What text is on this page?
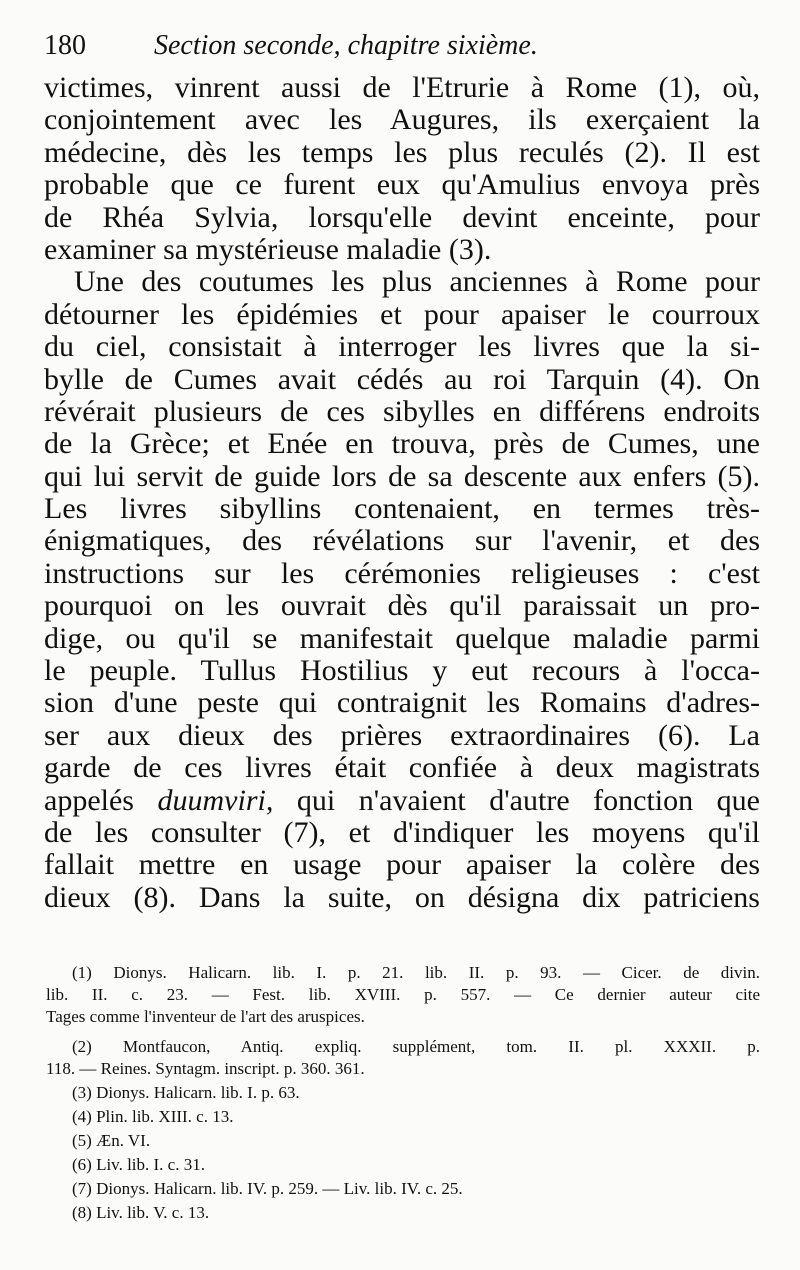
180 Section seconde, chapitre sixième.
victimes, vinrent aussi de l'Etrurie à Rome (1), où,
conjointement avec les Augures, ils exerçaient la
médecine, dès les temps les plus reculés (2). Il est
probable que ce furent eux qu'Amulius envoya près
de Rhéa Sylvia, lorsqu'elle devint enceinte, pour
examiner sa mystérieuse maladie (3).
Une des coutumes les plus anciennes à Rome pour
détourner les épidémies et pour apaiser le courroux
du ciel, consistait à interroger les livres que la si-
bylle de Cumes avait cédés au roi Tarquin (4). On
révérait plusieurs de ces sibylles en différens endroits
de la Grèce; et Enée en trouva, près de Cumes, une
qui lui servit de guide lors de sa descente aux enfers (5).
Les livres sibyllins contenaient, en termes très-
énigmatiques, des révélations sur l'avenir, et des
instructions sur les cérémonies religieuses : c'est
pourquoi on les ouvrait dès qu'il paraissait un pro-
dige, ou qu'il se manifestait quelque maladie parmi
le peuple. Tullus Hostilius y eut recours à l'occa-
sion d'une peste qui contraignit les Romains d'adres-
ser aux dieux des prières extraordinaires (6). La
garde de ces livres était confiée à deux magistrats
appelés duumviri, qui n'avaient d'autre fonction que
de les consulter (7), et d'indiquer les moyens qu'il
fallait mettre en usage pour apaiser la colère des
dieux (8). Dans la suite, on désigna dix patriciens
(1) Dionys. Halicarn. lib. I. p. 21. lib. II. p. 93. — Cicer. de divin.
lib. II. c. 23. — Fest. lib. XVIII. p. 557. — Ce dernier auteur cite
Tages comme l'inventeur de l'art des aruspices.
(2) Montfaucon, Antiq. expliq. supplément, tom. II. pl. XXXII. p.
118. — Reines. Syntagm. inscript. p. 360. 361.
(3) Dionys. Halicarn. lib. I. p. 63.
(4) Plin. lib. XIII. c. 13.
(5) Æn. VI.
(6) Liv. lib. I. c. 31.
(7) Dionys. Halicarn. lib. IV. p. 259. — Liv. lib. IV. c. 25.
(8) Liv. lib. V. c. 13.
